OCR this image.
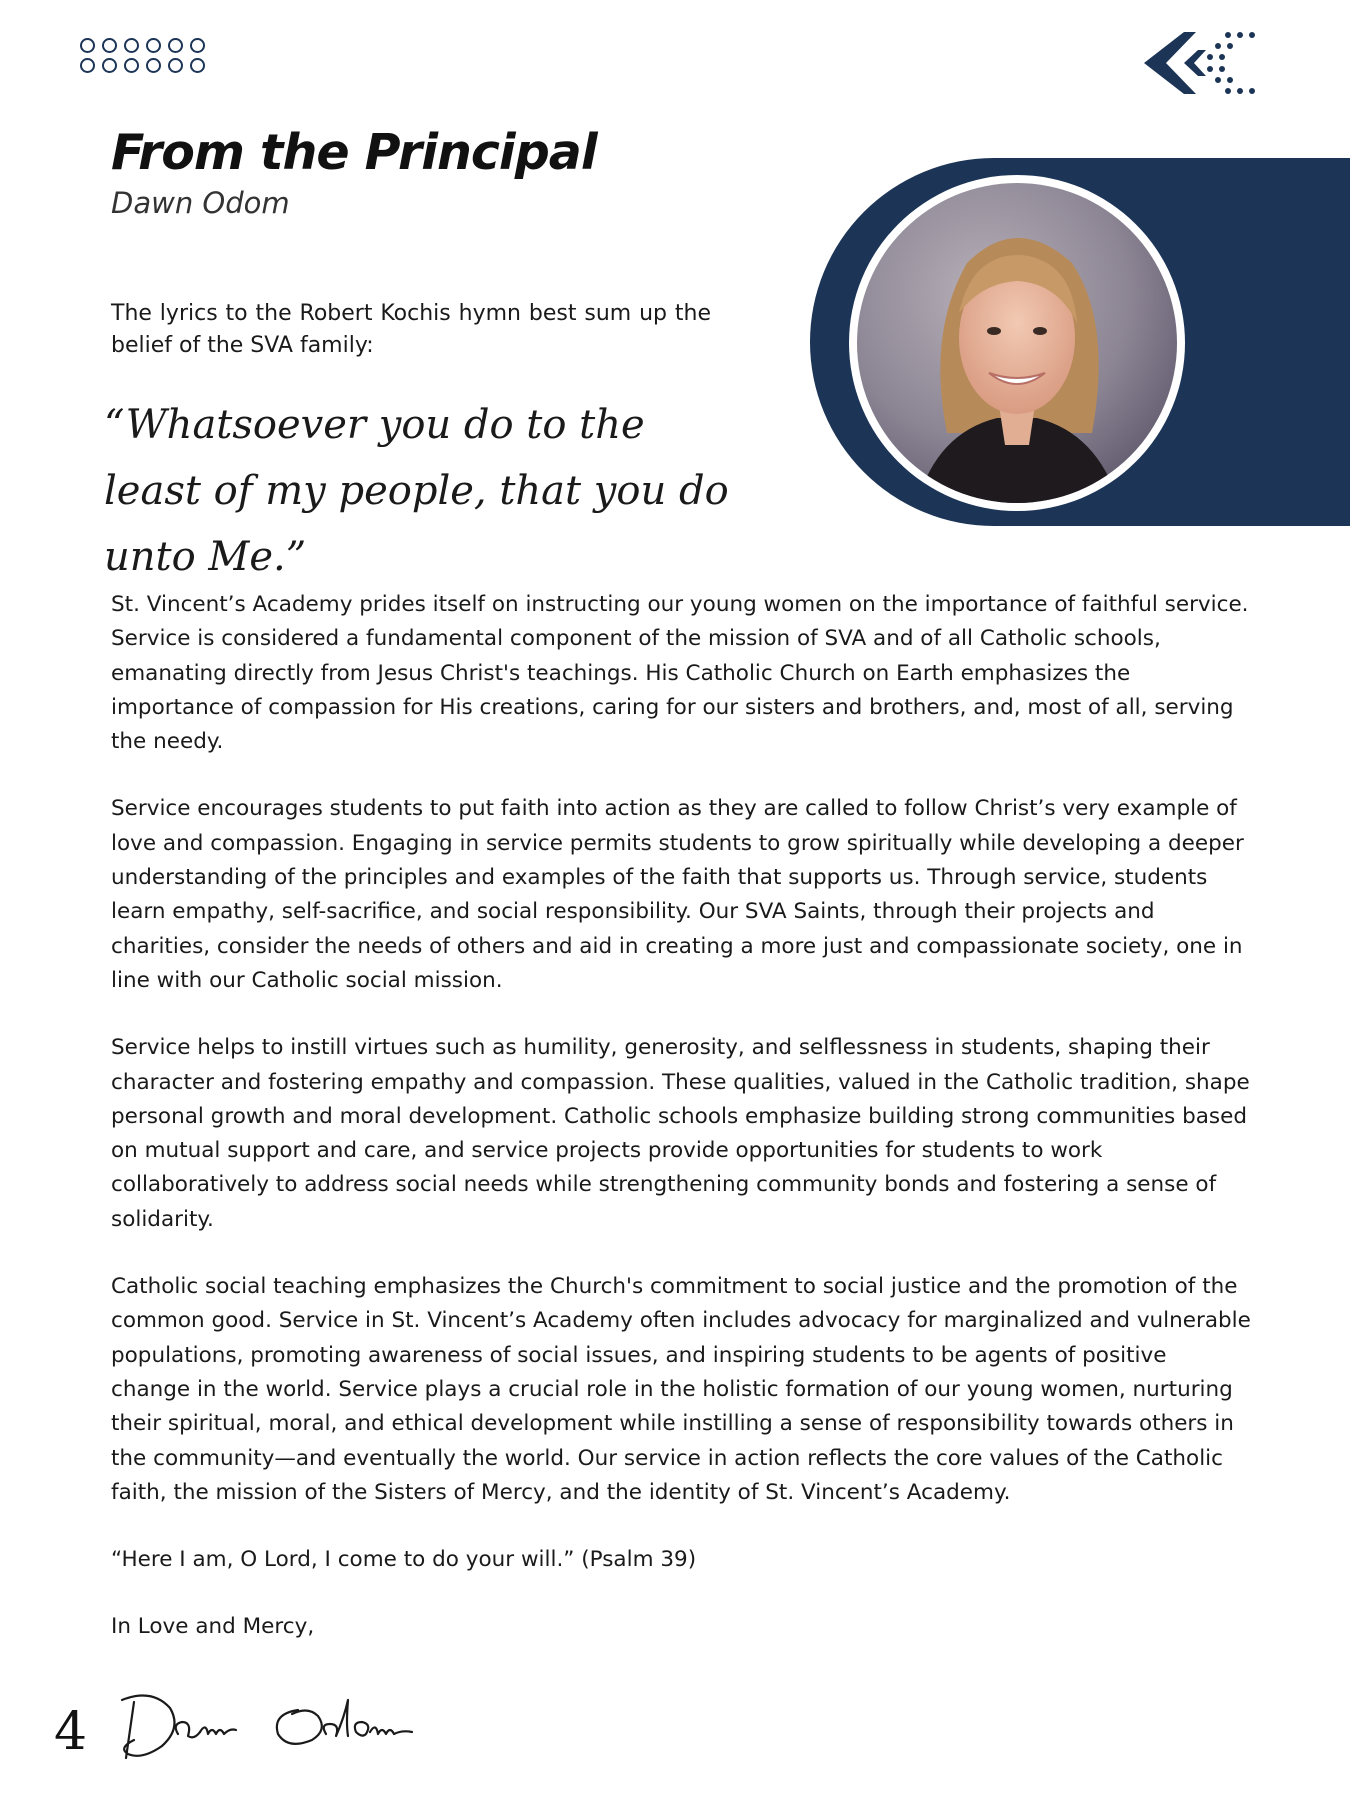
From the Principal
Dawn Odom

The lyrics to the Robert Kochis hymn best sum up the belief of the SVA family:

“Whatsoever you do to the least of my people, that you do unto Me.”

St. Vincent’s Academy prides itself on instructing our young women on the importance of faithful service. Service is considered a fundamental component of the mission of SVA and of all Catholic schools, emanating directly from Jesus Christ's teachings. His Catholic Church on Earth emphasizes the importance of compassion for His creations, caring for our sisters and brothers, and, most of all, serving the needy.

Service encourages students to put faith into action as they are called to follow Christ’s very example of love and compassion. Engaging in service permits students to grow spiritually while developing a deeper understanding of the principles and examples of the faith that supports us. Through service, students learn empathy, self-sacrifice, and social responsibility. Our SVA Saints, through their projects and charities, consider the needs of others and aid in creating a more just and compassionate society, one in line with our Catholic social mission.

Service helps to instill virtues such as humility, generosity, and selflessness in students, shaping their character and fostering empathy and compassion. These qualities, valued in the Catholic tradition, shape personal growth and moral development. Catholic schools emphasize building strong communities based on mutual support and care, and service projects provide opportunities for students to work collaboratively to address social needs while strengthening community bonds and fostering a sense of solidarity.

Catholic social teaching emphasizes the Church's commitment to social justice and the promotion of the common good. Service in St. Vincent’s Academy often includes advocacy for marginalized and vulnerable populations, promoting awareness of social issues, and inspiring students to be agents of positive change in the world. Service plays a crucial role in the holistic formation of our young women, nurturing their spiritual, moral, and ethical development while instilling a sense of responsibility towards others in the community—and eventually the world. Our service in action reflects the core values of the Catholic faith, the mission of the Sisters of Mercy, and the identity of St. Vincent’s Academy.

“Here I am, O Lord, I come to do your will.” (Psalm 39)

In Love and Mercy,

4
